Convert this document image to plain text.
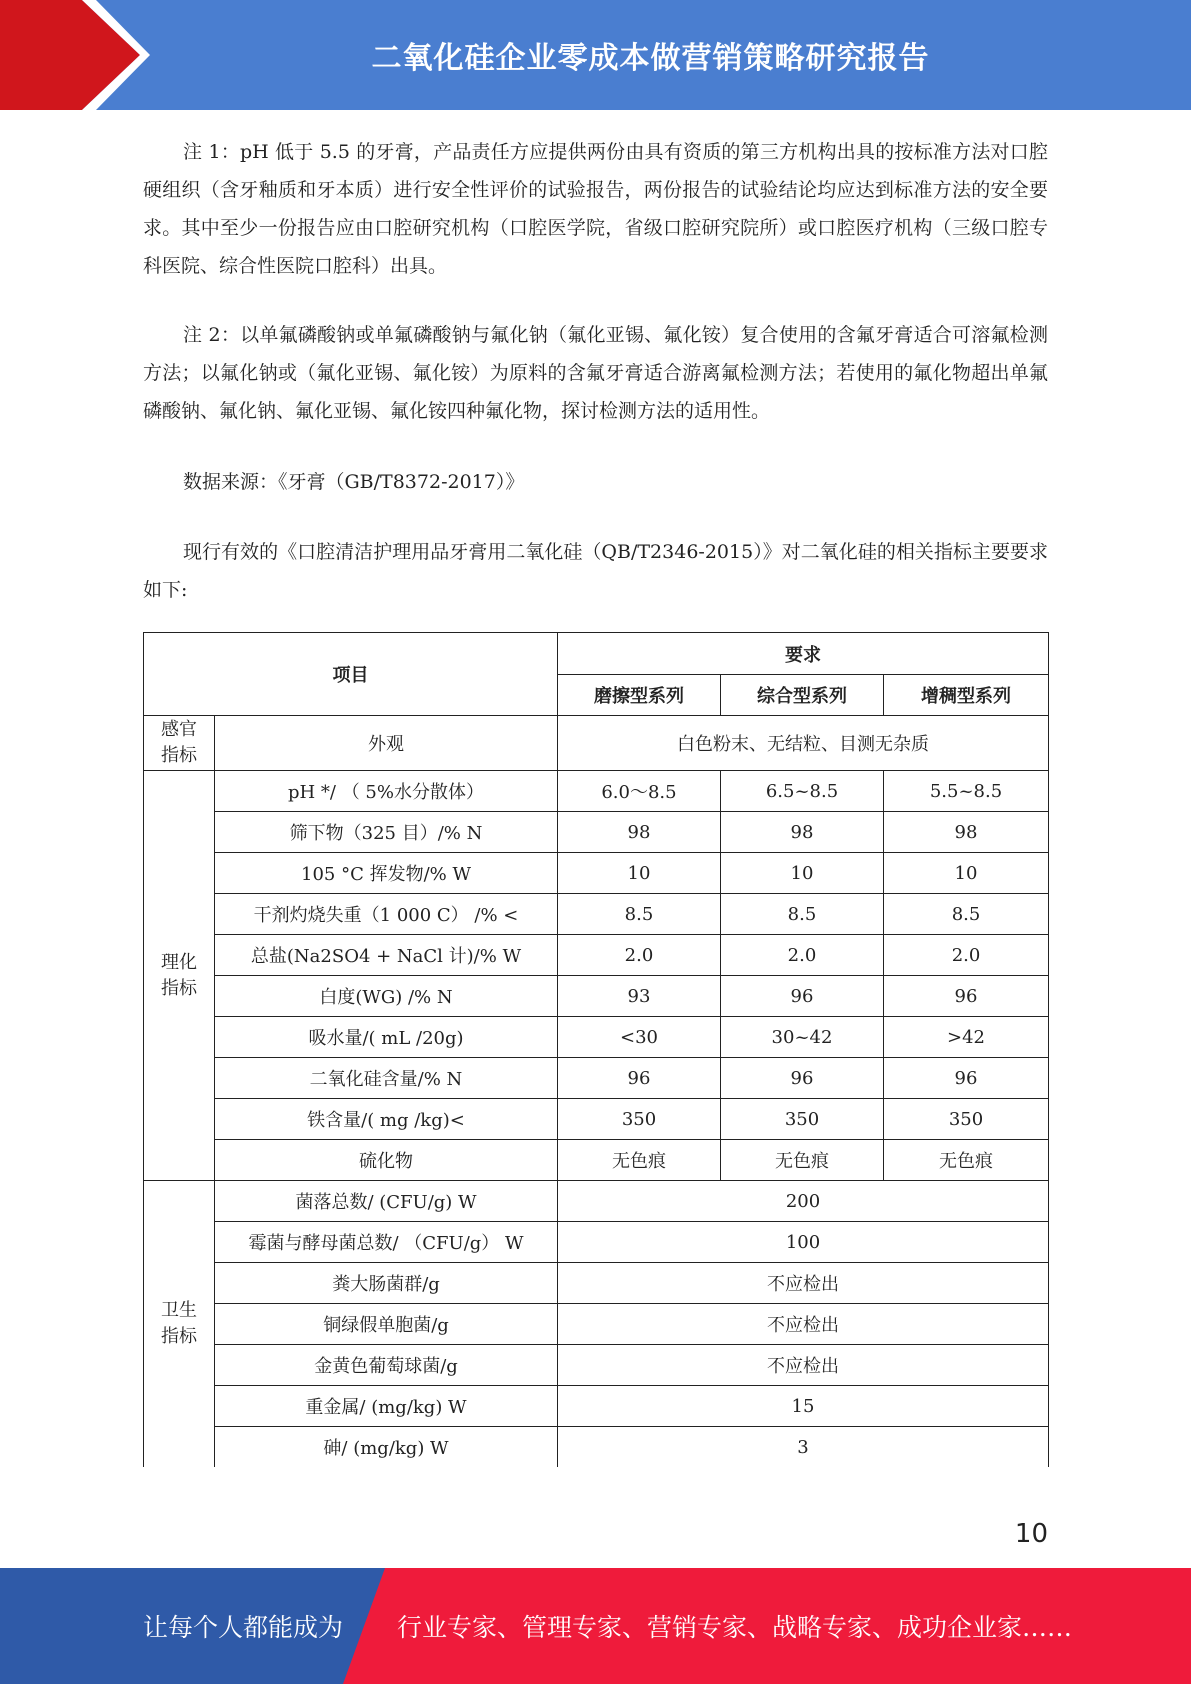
二氧化硅企业零成本做营销策略研究报告

注 1：pH 低于 5.5 的牙膏，产品责任方应提供两份由具有资质的第三方机构出具的按标准方法对口腔硬组织（含牙釉质和牙本质）进行安全性评价的试验报告，两份报告的试验结论均应达到标准方法的安全要求。其中至少一份报告应由口腔研究机构（口腔医学院，省级口腔研究院所）或口腔医疗机构（三级口腔专科医院、综合性医院口腔科）出具。

注 2：以单氟磷酸钠或单氟磷酸钠与氟化钠（氟化亚锡、氟化铵）复合使用的含氟牙膏适合可溶氟检测方法；以氟化钠或（氟化亚锡、氟化铵）为原料的含氟牙膏适合游离氟检测方法；若使用的氟化物超出单氟磷酸钠、氟化钠、氟化亚锡、氟化铵四种氟化物，探讨检测方法的适用性。

数据来源：《牙膏（GB/T8372-2017）》

现行有效的《口腔清洁护理用品牙膏用二氧化硅（QB/T2346-2015）》对二氧化硅的相关指标主要要求如下:

项目		要求		
		磨擦型系列	综合型系列	增稠型系列
感官
指标	外观	白色粉末、无结粒、目测无杂质		
理化
指标	pH */ （ 5%水分散体）	6.0〜8.5	6.5~8.5	5.5~8.5
	筛下物（325 目）/% N	98	98	98
	105 °C 挥发物/% W	10	10	10
	干剂灼烧失重（1 000 C） /% <	8.5	8.5	8.5
	总盐(Na2SO4 + NaCl 计)/% W	2.0	2.0	2.0
	白度(WG) /% N	93	96	96
	吸水量/( mL /20g)	<30	30~42	>42
	二氧化硅含量/% N	96	96	96
	铁含量/( mg /kg)<	350	350	350
	硫化物	无色痕	无色痕	无色痕
卫生
指标	菌落总数/ (CFU/g) W	200		
	霉菌与酵母菌总数/ （CFU/g） W	100		
	粪大肠菌群/g	不应检出		
	铜绿假单胞菌/g	不应检出		
	金黄色葡萄球菌/g	不应检出		
	重金属/ (mg/kg) W	15		
	砷/ (mg/kg) W	3		
10
让每个人都能成为 行业专家、管理专家、营销专家、战略专家、成功企业家……
